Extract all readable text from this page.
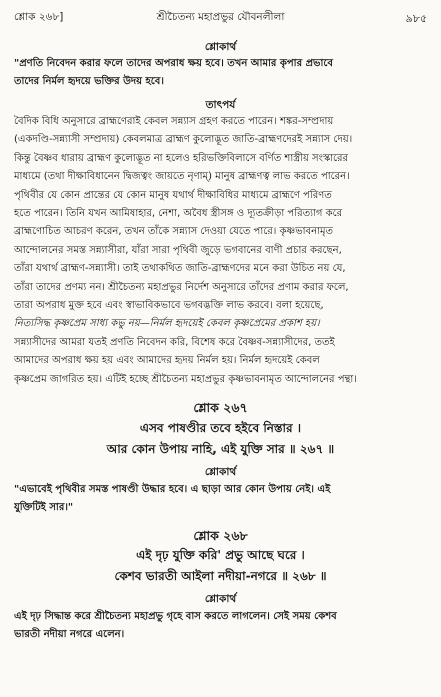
শ্লোক ২৬৮]	শ্রীচৈতন্য মহাপ্রভুর যৌবনলীলা	৯৮৫
শ্লোকার্থ
"প্রণতি নিবেদন করার ফলে তাদের অপরাধ ক্ষয় হবে। তখন আমার কৃপার প্রভাবে
তাদের নির্মল হৃদয়ে ভক্তির উদয় হবে।
তাৎপর্য
বৈদিক বিধি অনুসারে ব্রাহ্মণেরাই কেবল সন্ন্যাস গ্রহণ করতে পারেন। শঙ্কর-সম্প্রদায়
(একদণ্ডি-সন্ন্যাসী সম্প্রদায়) কেবলমাত্র ব্রাহ্মণ কুলোদ্ভূত জাতি-ব্রাহ্মণদেরই সন্ন্যাস দেয়।
কিন্তু বৈষ্ণব ধারায় ব্রাহ্মণ কুলোদ্ভূত না হলেও হরিভক্তিবিলাসে বর্ণিত শাস্ত্রীয় সংস্কারের
মাধ্যমে (তথা দীক্ষাবিধানেন দ্বিজত্বং জায়তে নৃণাম্) মানুষ ব্রাহ্মণত্ব লাভ করতে পারেন।
পৃথিবীর যে কোন প্রান্তের যে কোন মানুষ যথার্থ দীক্ষাবিধির মাধ্যমে ব্রাহ্মণে পরিণত
হতে পারেন। তিনি যখন আমিষাহার, নেশা, অবৈধ স্ত্রীসঙ্গ ও দ্যূতক্রীড়া পরিত্যাগ করে
ব্রাহ্মণোচিত আচরণ করেন, তখন তাঁকে সন্ন্যাস দেওয়া যেতে পারে। কৃষ্ণভাবনামৃত
আন্দোলনের সমস্ত সন্ন্যাসীরা, যাঁরা সারা পৃথিবী জুড়ে ভগবানের বাণী প্রচার করছেন,
তাঁরা যথার্থ ব্রাহ্মণ-সন্ন্যাসী। তাই তথাকথিত জাতি-ব্রাহ্মণদের মনে করা উচিত নয় যে,
তাঁরা তাদের প্রণম্য নন। শ্রীচৈতন্য মহাপ্রভুর নির্দেশ অনুসারে তাঁদের প্রণাম করার ফলে,
তারা অপরাধ মুক্ত হবে এবং স্বাভাবিকভাবে ভগবদ্ভক্তি লাভ করবে। বলা হয়েছে,
নিত্যসিদ্ধ কৃষ্ণপ্রেম সাধ্য কভু নয়—নির্মল হৃদয়েই কেবল কৃষ্ণপ্রেমের প্রকাশ হয়।
সন্ন্যাসীদের আমরা যতই প্রণতি নিবেদন করি, বিশেষ করে বৈষ্ণব-সন্ন্যাসীদের, ততই
আমাদের অপরাধ ক্ষয় হয় এবং আমাদের হৃদয় নির্মল হয়। নির্মল হৃদয়েই কেবল
কৃষ্ণপ্রেম জাগরিত হয়। এটিই হচ্ছে শ্রীচৈতন্য মহাপ্রভুর কৃষ্ণভাবনামৃত আন্দোলনের পন্থা।
শ্লোক ২৬৭
এসব পাষণ্ডীর তবে হইবে নিস্তার ।
আর কোন উপায় নাহি, এই যুক্তি সার ॥ ২৬৭ ॥
শ্লোকার্থ
"এভাবেই পৃথিবীর সমস্ত পাষণ্ডী উদ্ধার হবে। এ ছাড়া আর কোন উপায় নেই। এই
যুক্তিটিই সার।"
শ্লোক ২৬৮
এই দৃঢ় যুক্তি করি' প্রভু আছে ঘরে ।
কেশব ভারতী আইলা নদীয়া-নগরে ॥ ২৬৮ ॥
শ্লোকার্থ
এই দৃঢ় সিদ্ধান্ত করে শ্রীচৈতন্য মহাপ্রভু গৃহে বাস করতে লাগলেন। সেই সময় কেশব
ভারতী নদীয়া নগরে এলেন।
